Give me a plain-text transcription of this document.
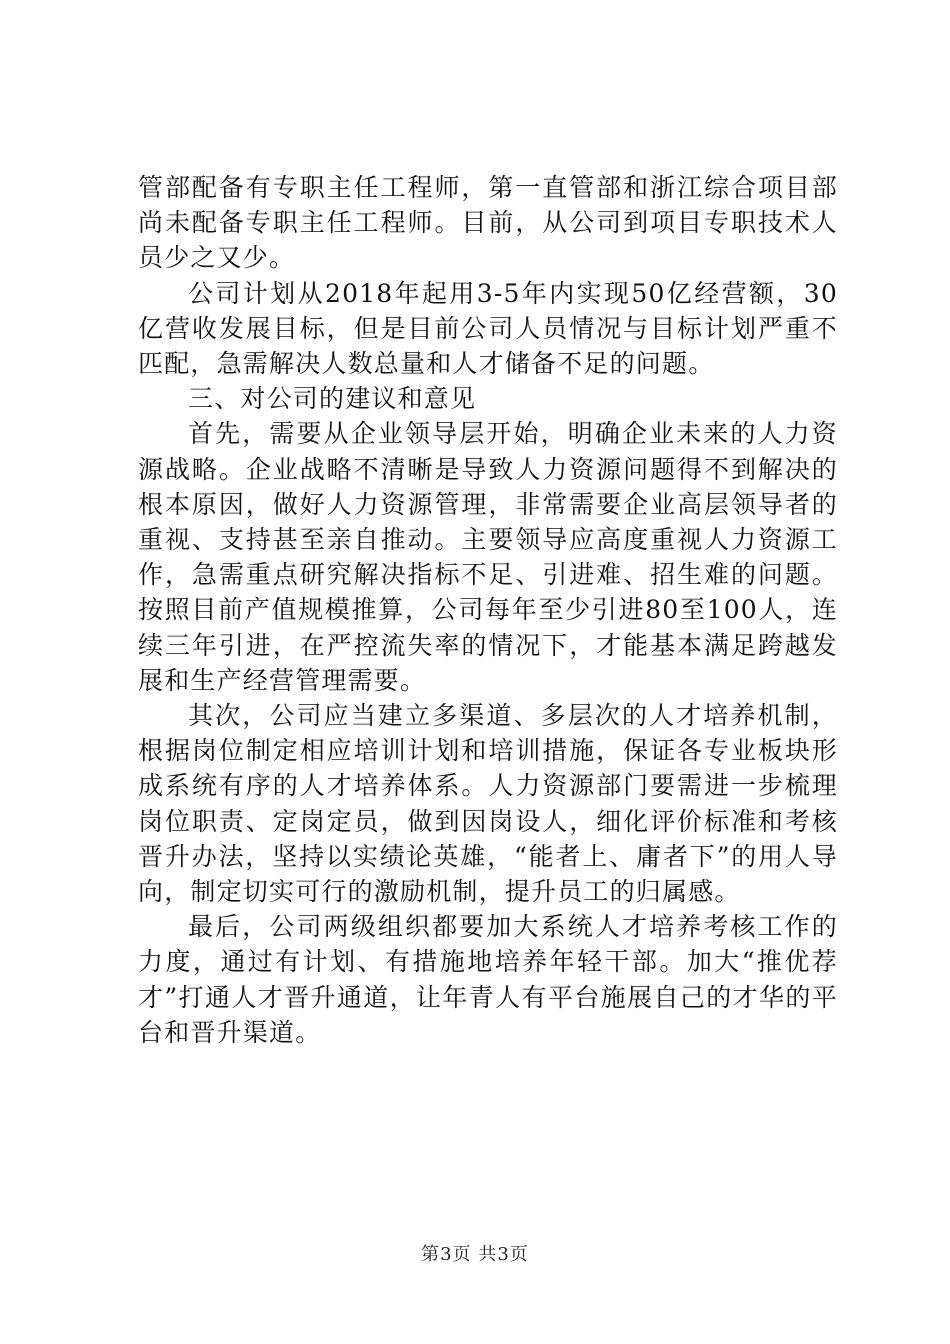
管部配备有专职主任工程师，第一直管部和浙江综合项目部尚未配备专职主任工程师。目前，从公司到项目专职技术人员少之又少。

公司计划从2018年起用3-5年内实现50亿经营额，30亿营收发展目标，但是目前公司人员情况与目标计划严重不匹配，急需解决人数总量和人才储备不足的问题。

三、对公司的建议和意见

首先，需要从企业领导层开始，明确企业未来的人力资源战略。企业战略不清晰是导致人力资源问题得不到解决的根本原因，做好人力资源管理，非常需要企业高层领导者的重视、支持甚至亲自推动。主要领导应高度重视人力资源工作，急需重点研究解决指标不足、引进难、招生难的问题。按照目前产值规模推算，公司每年至少引进80至100人，连续三年引进，在严控流失率的情况下，才能基本满足跨越发展和生产经营管理需要。

其次，公司应当建立多渠道、多层次的人才培养机制，根据岗位制定相应培训计划和培训措施，保证各专业板块形成系统有序的人才培养体系。人力资源部门要需进一步梳理岗位职责、定岗定员，做到因岗设人，细化评价标准和考核晋升办法，坚持以实绩论英雄，“能者上、庸者下”的用人导向，制定切实可行的激励机制，提升员工的归属感。

最后，公司两级组织都要加大系统人才培养考核工作的力度，通过有计划、有措施地培养年轻干部。加大“推优荐才”打通人才晋升通道，让年青人有平台施展自己的才华的平台和晋升渠道。

第3页 共3页
